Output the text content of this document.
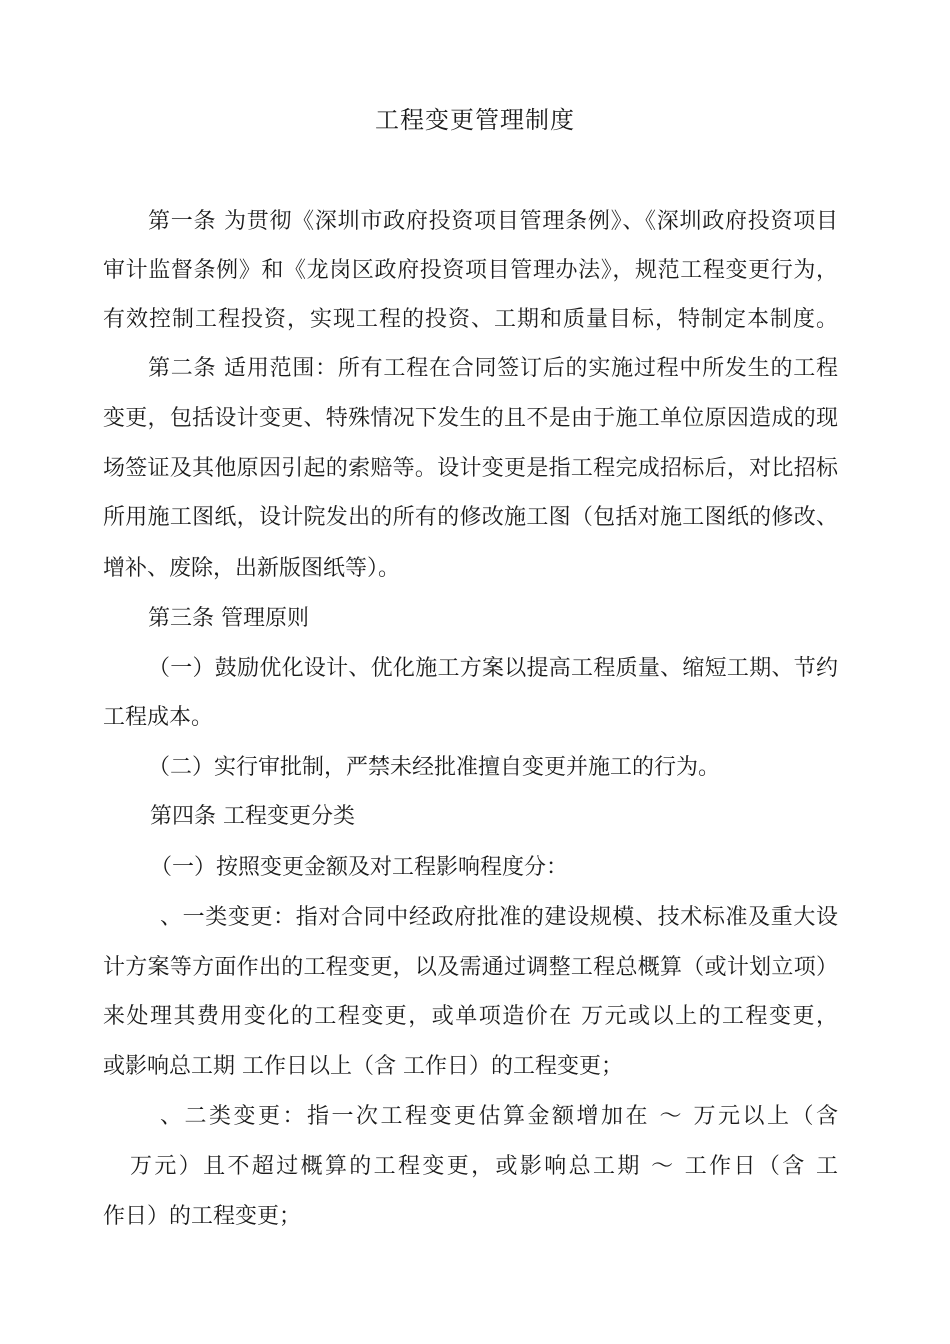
工程变更管理制度
第一条 为贯彻《深圳市政府投资项目管理条例》、《深圳政府投资项目
审计监督条例》和《龙岗区政府投资项目管理办法》，规范工程变更行为，
有效控制工程投资，实现工程的投资、工期和质量目标，特制定本制度。
第二条 适用范围：所有工程在合同签订后的实施过程中所发生的工程
变更，包括设计变更、特殊情况下发生的且不是由于施工单位原因造成的现
场签证及其他原因引起的索赔等。设计变更是指工程完成招标后，对比招标
所用施工图纸，设计院发出的所有的修改施工图（包括对施工图纸的修改、
增补、废除，出新版图纸等）。
第三条 管理原则
（一）鼓励优化设计、优化施工方案以提高工程质量、缩短工期、节约
工程成本。
（二）实行审批制，严禁未经批准擅自变更并施工的行为。
第四条 工程变更分类
（一）按照变更金额及对工程影响程度分：
、一类变更：指对合同中经政府批准的建设规模、技术标准及重大设
计方案等方面作出的工程变更，以及需通过调整工程总概算（或计划立项）
来处理其费用变化的工程变更，或单项造价在 万元或以上的工程变更，
或影响总工期 工作日以上（含 工作日）的工程变更；
、二类变更：指一次工程变更估算金额增加在 ～ 万元以上（含
万元）且不超过概算的工程变更，或影响总工期 ～ 工作日（含 工
作日）的工程变更；
